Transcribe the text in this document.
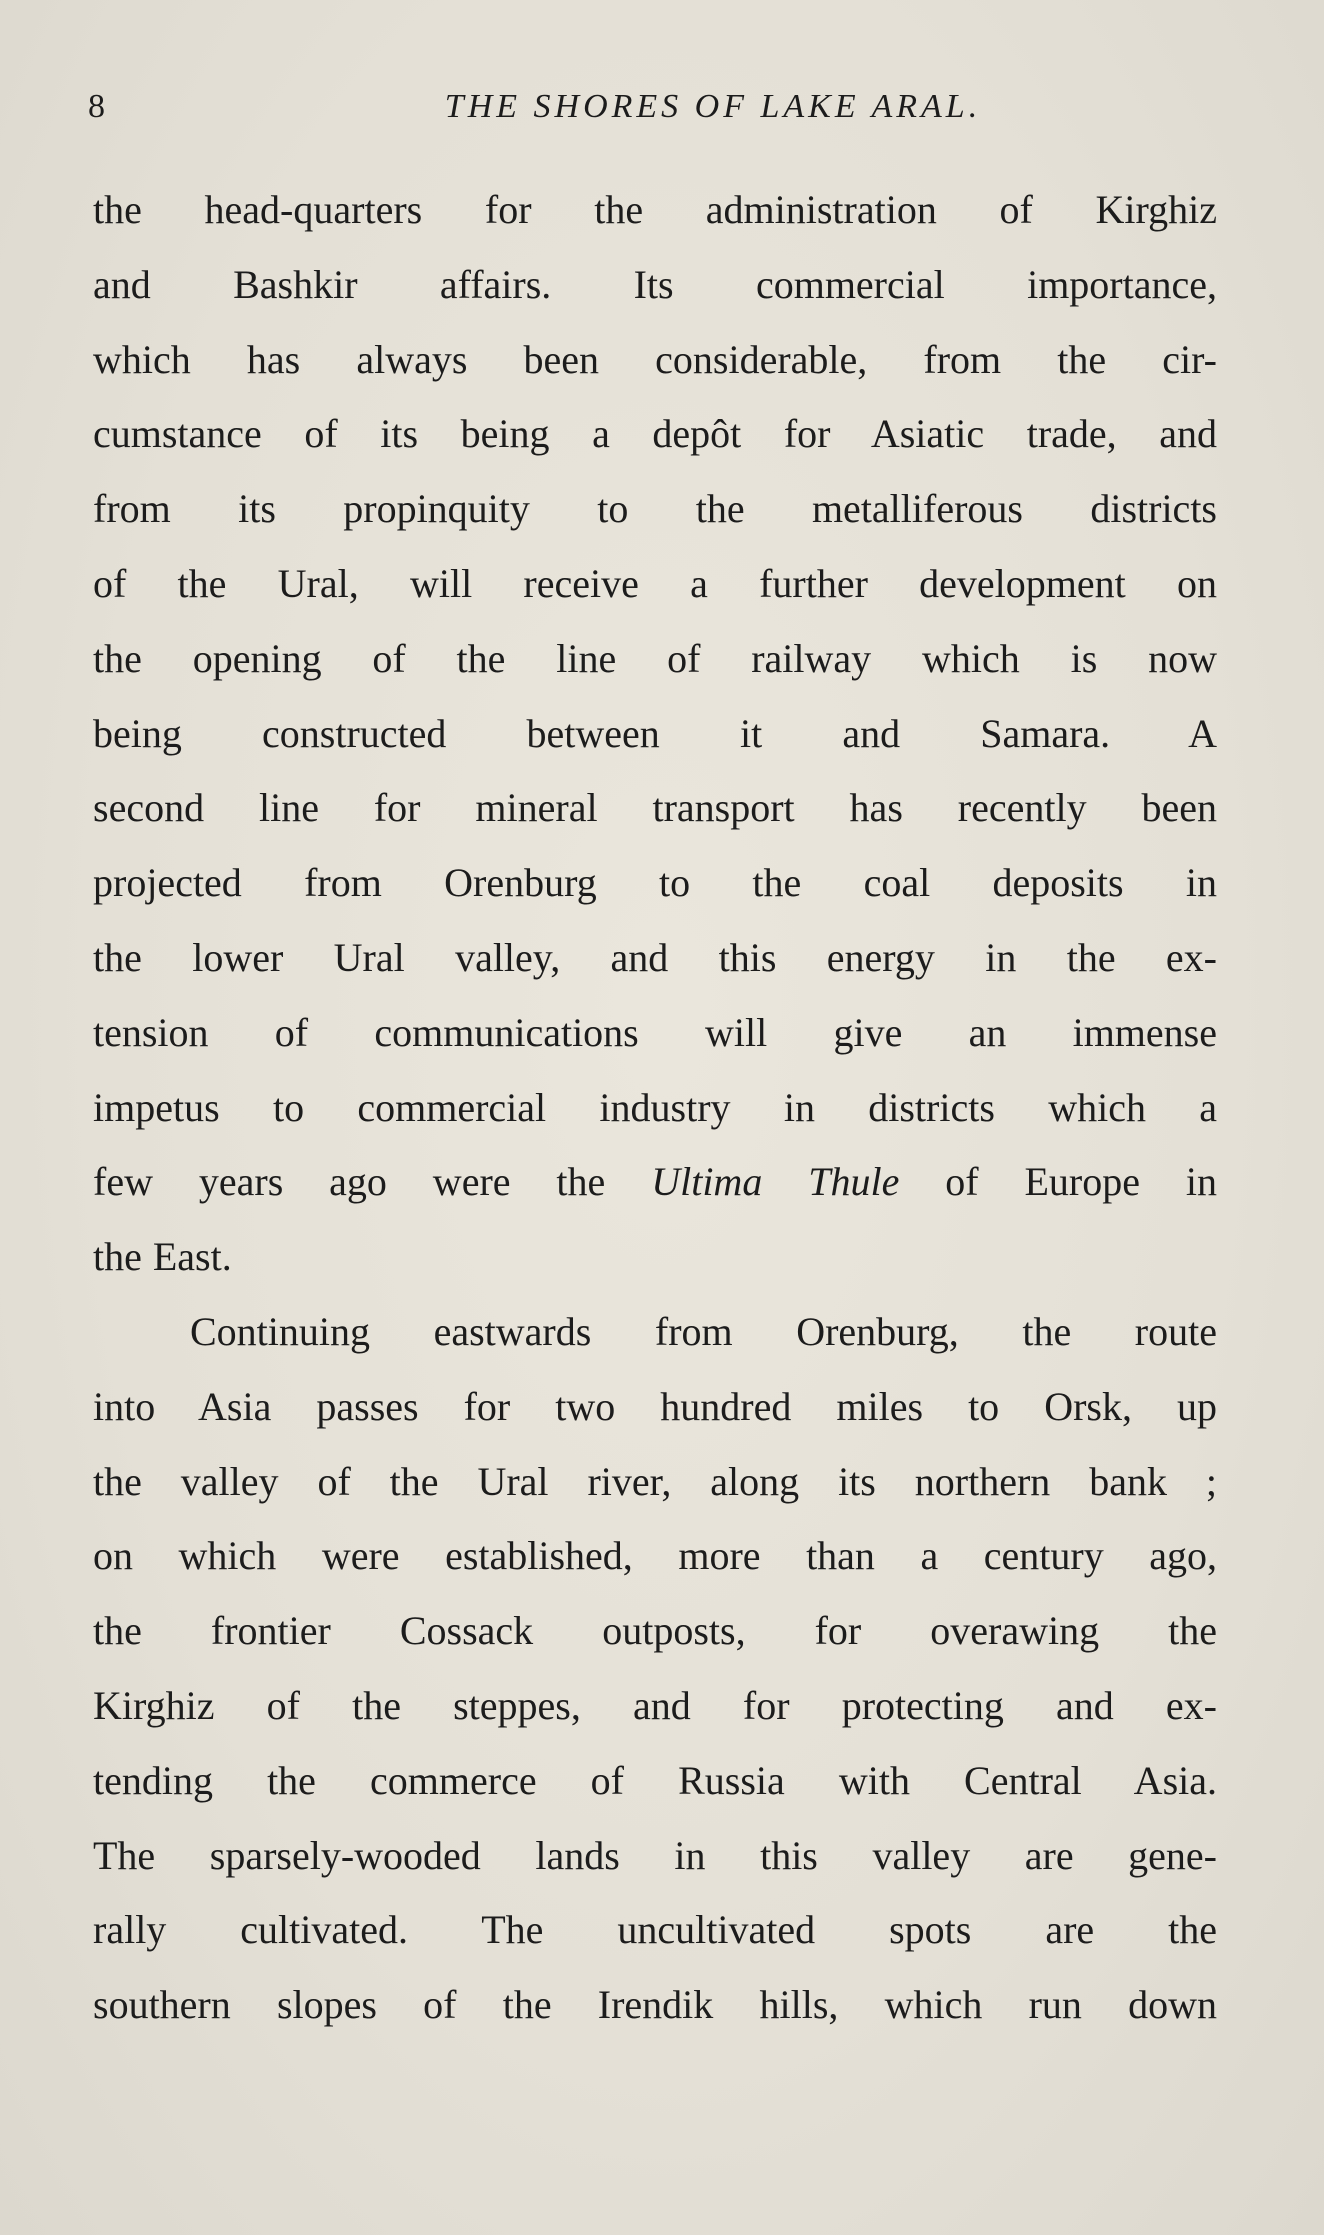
8	THE SHORES OF LAKE ARAL.
the head-quarters for the administration of Kirghiz
and Bashkir affairs. Its commercial importance,
which has always been considerable, from the cir-
cumstance of its being a depôt for Asiatic trade, and
from its propinquity to the metalliferous districts
of the Ural, will receive a further development on
the opening of the line of railway which is now
being constructed between it and Samara. A
second line for mineral transport has recently been
projected from Orenburg to the coal deposits in
the lower Ural valley, and this energy in the ex-
tension of communications will give an immense
impetus to commercial industry in districts which a
few years ago were the Ultima Thule of Europe in
the East.
Continuing eastwards from Orenburg, the route
into Asia passes for two hundred miles to Orsk, up
the valley of the Ural river, along its northern bank ;
on which were established, more than a century ago,
the frontier Cossack outposts, for overawing the
Kirghiz of the steppes, and for protecting and ex-
tending the commerce of Russia with Central Asia.
The sparsely-wooded lands in this valley are gene-
rally cultivated. The uncultivated spots are the
southern slopes of the Irendik hills, which run down
